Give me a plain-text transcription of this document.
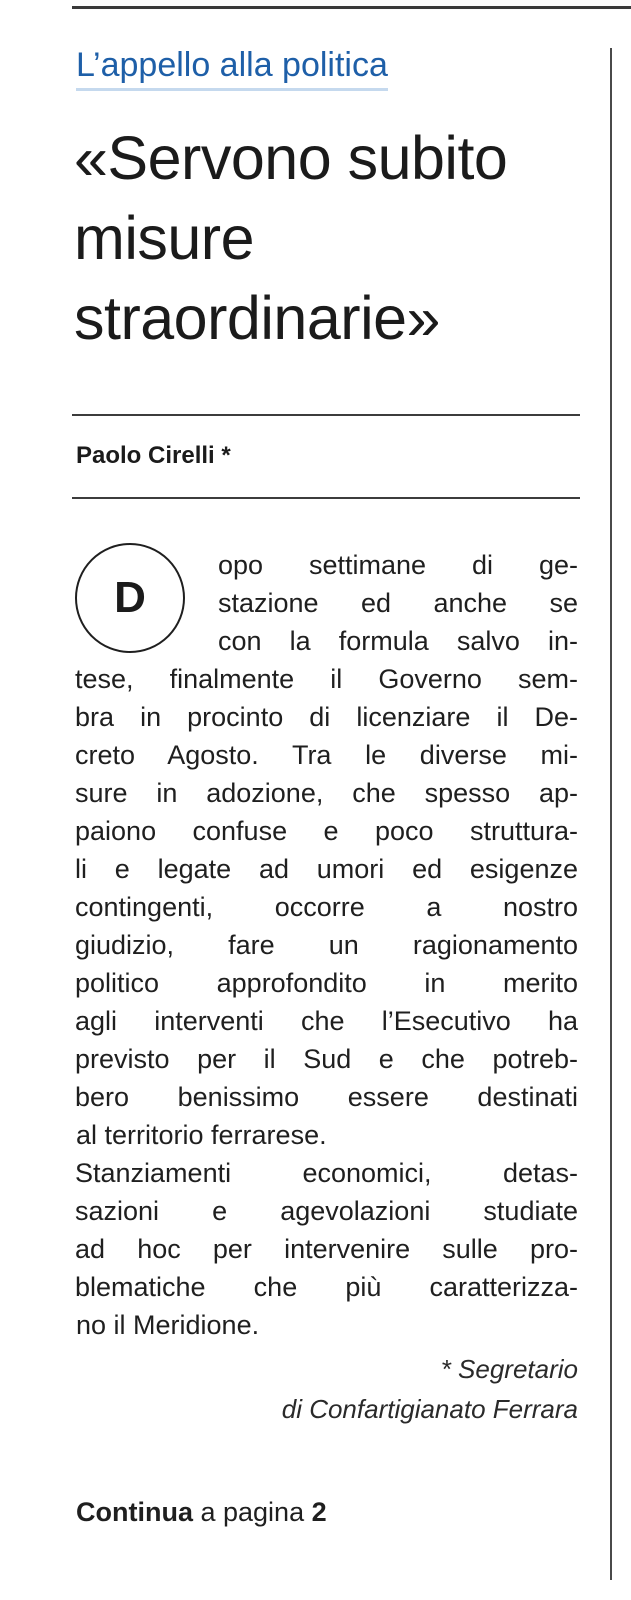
L’appello alla politica
«Servono subito
misure
straordinarie»
Paolo Cirelli *
D
opo settimane di ge-
stazione ed anche se
con la formula salvo in-
tese, finalmente il Governo sem-
bra in procinto di licenziare il De-
creto Agosto. Tra le diverse mi-
sure in adozione, che spesso ap-
paiono confuse e poco struttura-
li e legate ad umori ed esigenze
contingenti, occorre a nostro
giudizio, fare un ragionamento
politico approfondito in merito
agli interventi che l’Esecutivo ha
previsto per il Sud e che potreb-
bero benissimo essere destinati
al territorio ferrarese.
Stanziamenti economici, detas-
sazioni e agevolazioni studiate
ad hoc per intervenire sulle pro-
blematiche che più caratterizza-
no il Meridione.
* Segretario
di Confartigianato Ferrara
Continua a pagina 2
